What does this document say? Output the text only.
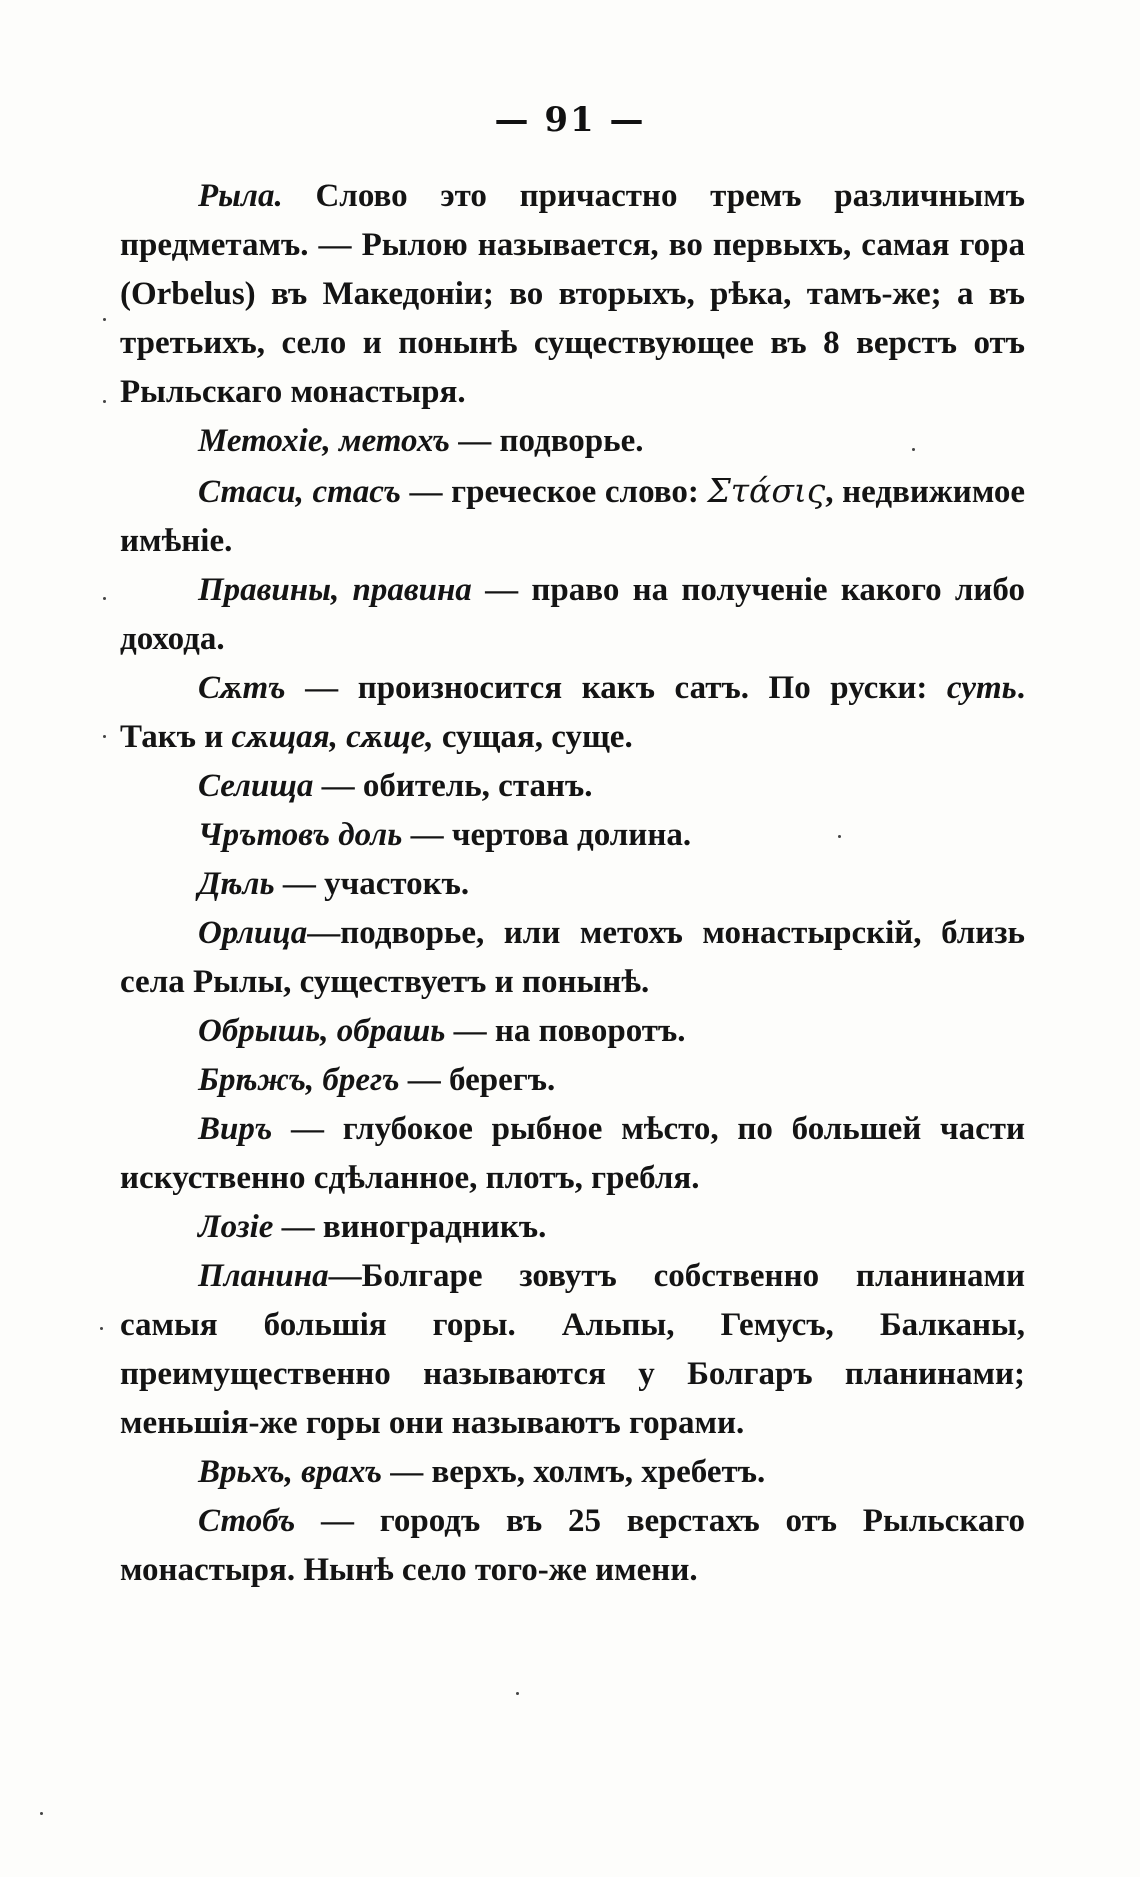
— 91 —

Рыла. Слово это причастно тремъ различнымъ предметамъ. — Рылою называется, во первыхъ, самая гора (Orbelus) въ Македоніи; во вторыхъ, рѣка, тамъ-же; а въ третьихъ, село и понынѣ существующее въ 8 верстъ отъ Рыльскаго монастыря.

Метохіе, метохъ — подворье.

Стаси, стасъ — греческое слово: Στάσις, недвижимое имѣніе.

Правины, правина — право на полученіе какого либо дохода.

Сѫтъ — произносится какъ сатъ. По руски: суть. Такъ и сѫщая, сѫще, сущая, суще.

Селища — обитель, станъ.

Чрътовъ доль — чертова долина.

Дѣль — участокъ.

Орлица—подворье, или метохъ монастырскій, близь села Рылы, существуетъ и понынѣ.

Обрышь, обрашь — на поворотъ.

Брѣжъ, брегъ — берегъ.

Виръ — глубокое рыбное мѣсто, по большей части искуственно сдѣланное, плотъ, гребля.

Лозіе — виноградникъ.

Планина—Болгаре зовутъ собственно планинами самыя большія горы. Альпы, Гемусъ, Балканы, преимущественно называются у Болгаръ планинами; меньшія-же горы они называютъ горами.

Врьхъ, врахъ — верхъ, холмъ, хребетъ.

Стобъ — городъ въ 25 верстахъ отъ Рыльскаго монастыря. Нынѣ село того-же имени.
